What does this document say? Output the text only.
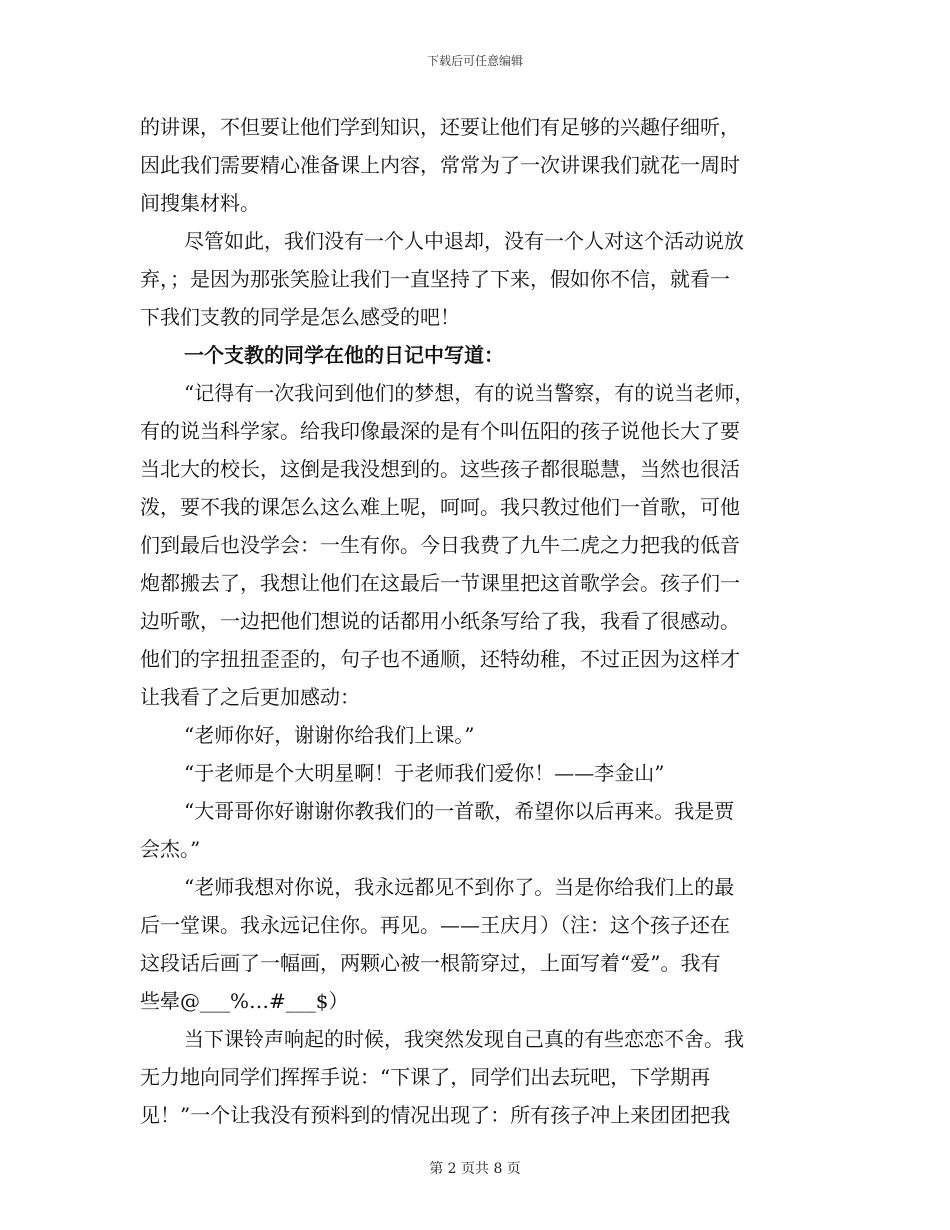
下载后可任意编辑
的讲课，不但要让他们学到知识，还要让他们有足够的兴趣仔细听，
因此我们需要精心准备课上内容，常常为了一次讲课我们就花一周时
间搜集材料。
尽管如此，我们没有一个人中退却，没有一个人对这个活动说放
弃，；是因为那张笑脸让我们一直坚持了下来，假如你不信，就看一
下我们支教的同学是怎么感受的吧！
一个支教的同学在他的日记中写道：
“记得有一次我问到他们的梦想，有的说当警察，有的说当老师，
有的说当科学家。给我印像最深的是有个叫伍阳的孩子说他长大了要
当北大的校长，这倒是我没想到的。这些孩子都很聪慧，当然也很活
泼，要不我的课怎么这么难上呢，呵呵。我只教过他们一首歌，可他
们到最后也没学会：一生有你。今日我费了九牛二虎之力把我的低音
炮都搬去了，我想让他们在这最后一节课里把这首歌学会。孩子们一
边听歌，一边把他们想说的话都用小纸条写给了我，我看了很感动。
他们的字扭扭歪歪的，句子也不通顺，还特幼稚，不过正因为这样才
让我看了之后更加感动：
“老师你好，谢谢你给我们上课。”
“于老师是个大明星啊！于老师我们爱你！——李金山”
“大哥哥你好谢谢你教我们的一首歌，希望你以后再来。我是贾
会杰。”
“老师我想对你说，我永远都见不到你了。当是你给我们上的最
后一堂课。我永远记住你。再见。——王庆月）（注：这个孩子还在
这段话后画了一幅画，两颗心被一根箭穿过，上面写着“爱”。我有
些晕@___%…#___$）
当下课铃声响起的时候，我突然发现自己真的有些恋恋不舍。我
无力地向同学们挥挥手说：“下课了，同学们出去玩吧，下学期再
见！”一个让我没有预料到的情况出现了：所有孩子冲上来团团把我
第 2 页共 8 页
